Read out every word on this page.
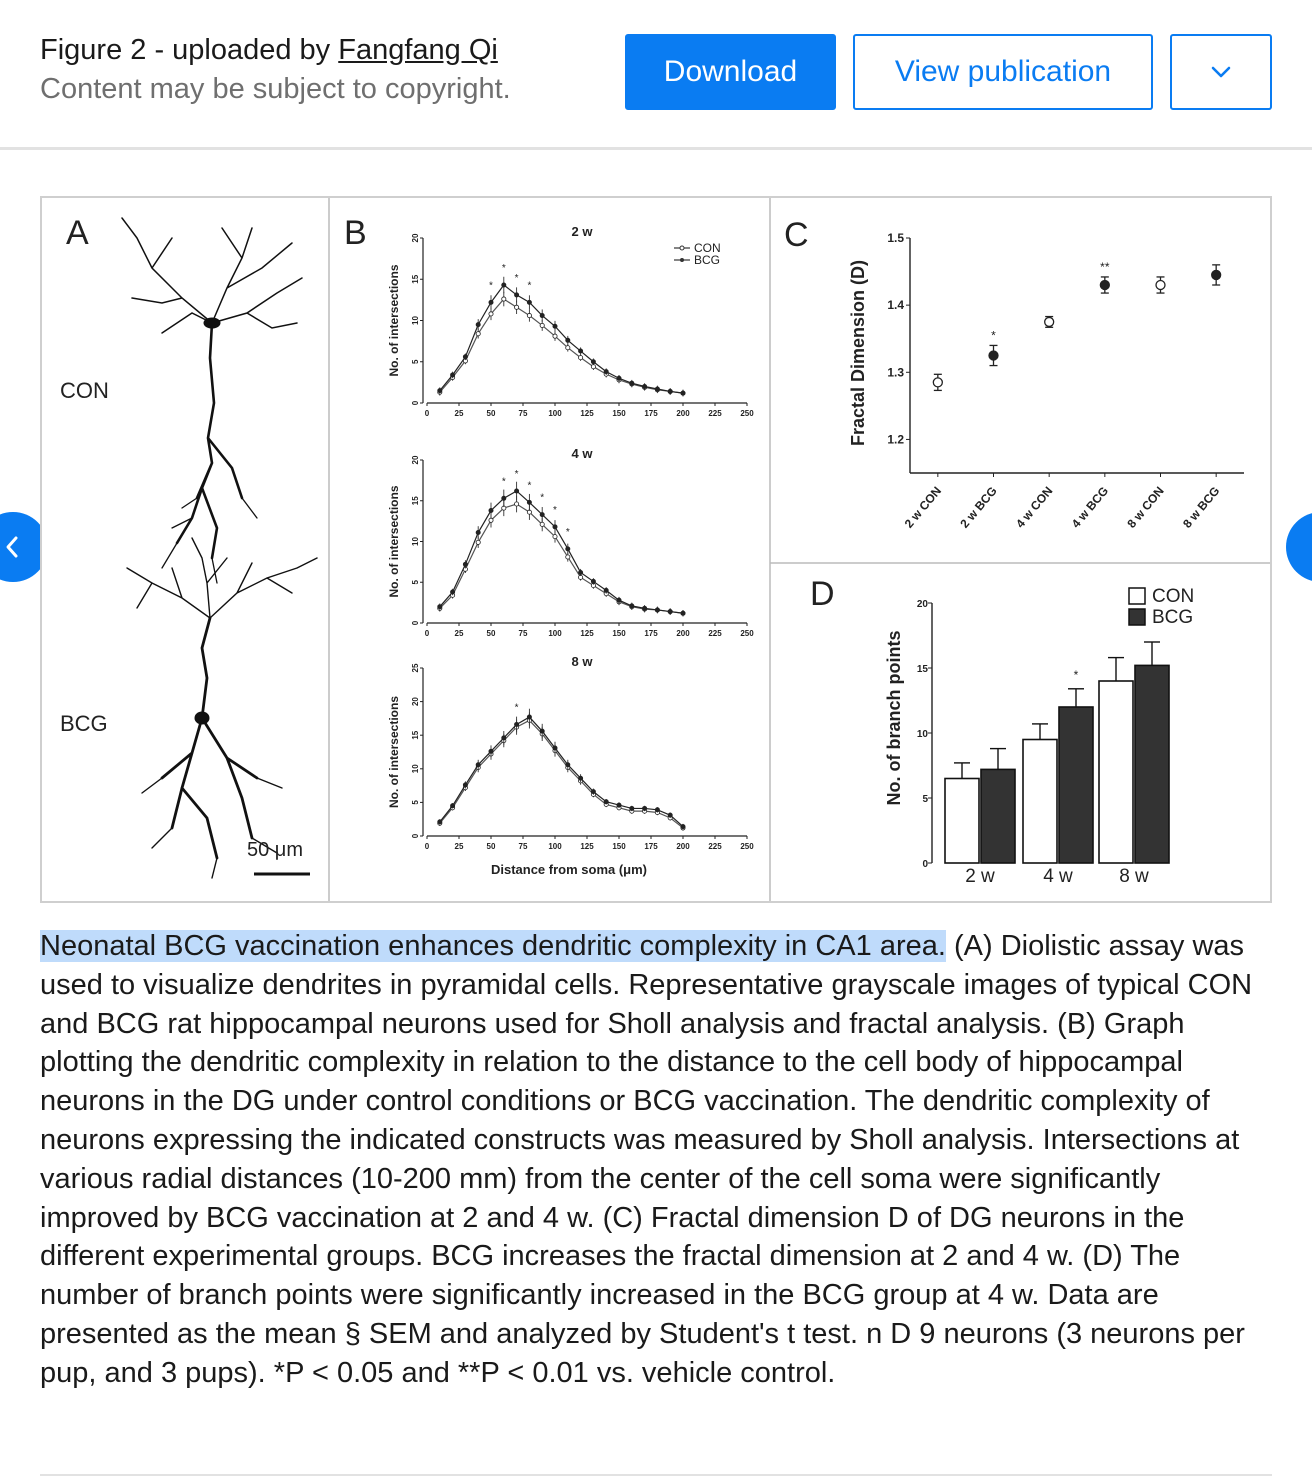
Figure 2 - uploaded by Fangfang Qi
Content may be subject to copyright.
Download	View publication
A
CON
BCG
50 μm
B
0	25	50	75	100 125 150 175 200 225 250
0
5
10
15
20
No. of intersections
2 w
*
*
*
*
0	25	50	75	100 125 150 175 200 225 250
0
5
10
15
20
No. of intersections
4 w
*
*
*
*
*
*
0	25	50	75	100 125 150 175 200 225 250
0
5
10
15
20
25
No. of intersections
8 w
*
CON
BCG
Distance from soma (μm)
C
Fractal Dimension (D) 1.2
1.3
1.4
1.5
2 w CON
*
2 w BCG 4 w CON
**
4 w BCG 8 w CON 8 w BCG
D
No. of branch points
0
5
10
15
20
2 w
*
4 w 8 w
CON
BCG
Neonatal BCG vaccination enhances dendritic complexity in CA1 area. (A) Diolistic assay was used to visualize dendrites in pyramidal cells. Representative grayscale images of typical CON and BCG rat hippocampal neurons used for Sholl analysis and fractal analysis. (B) Graph plotting the dendritic complexity in relation to the distance to the cell body of hippocampal neurons in the DG under control conditions or BCG vaccination. The dendritic complexity of neurons expressing the indicated constructs was measured by Sholl analysis. Intersections at various radial distances (10-200 mm) from the center of the cell soma were significantly improved by BCG vaccination at 2 and 4 w. (C) Fractal dimension D of DG neurons in the different experimental groups. BCG increases the fractal dimension at 2 and 4 w. (D) The number of branch points were significantly increased in the BCG group at 4 w. Data are presented as the mean § SEM and analyzed by Student's t test. n D 9 neurons (3 neurons per pup, and 3 pups). *P < 0.05 and **P < 0.01 vs. vehicle control.
